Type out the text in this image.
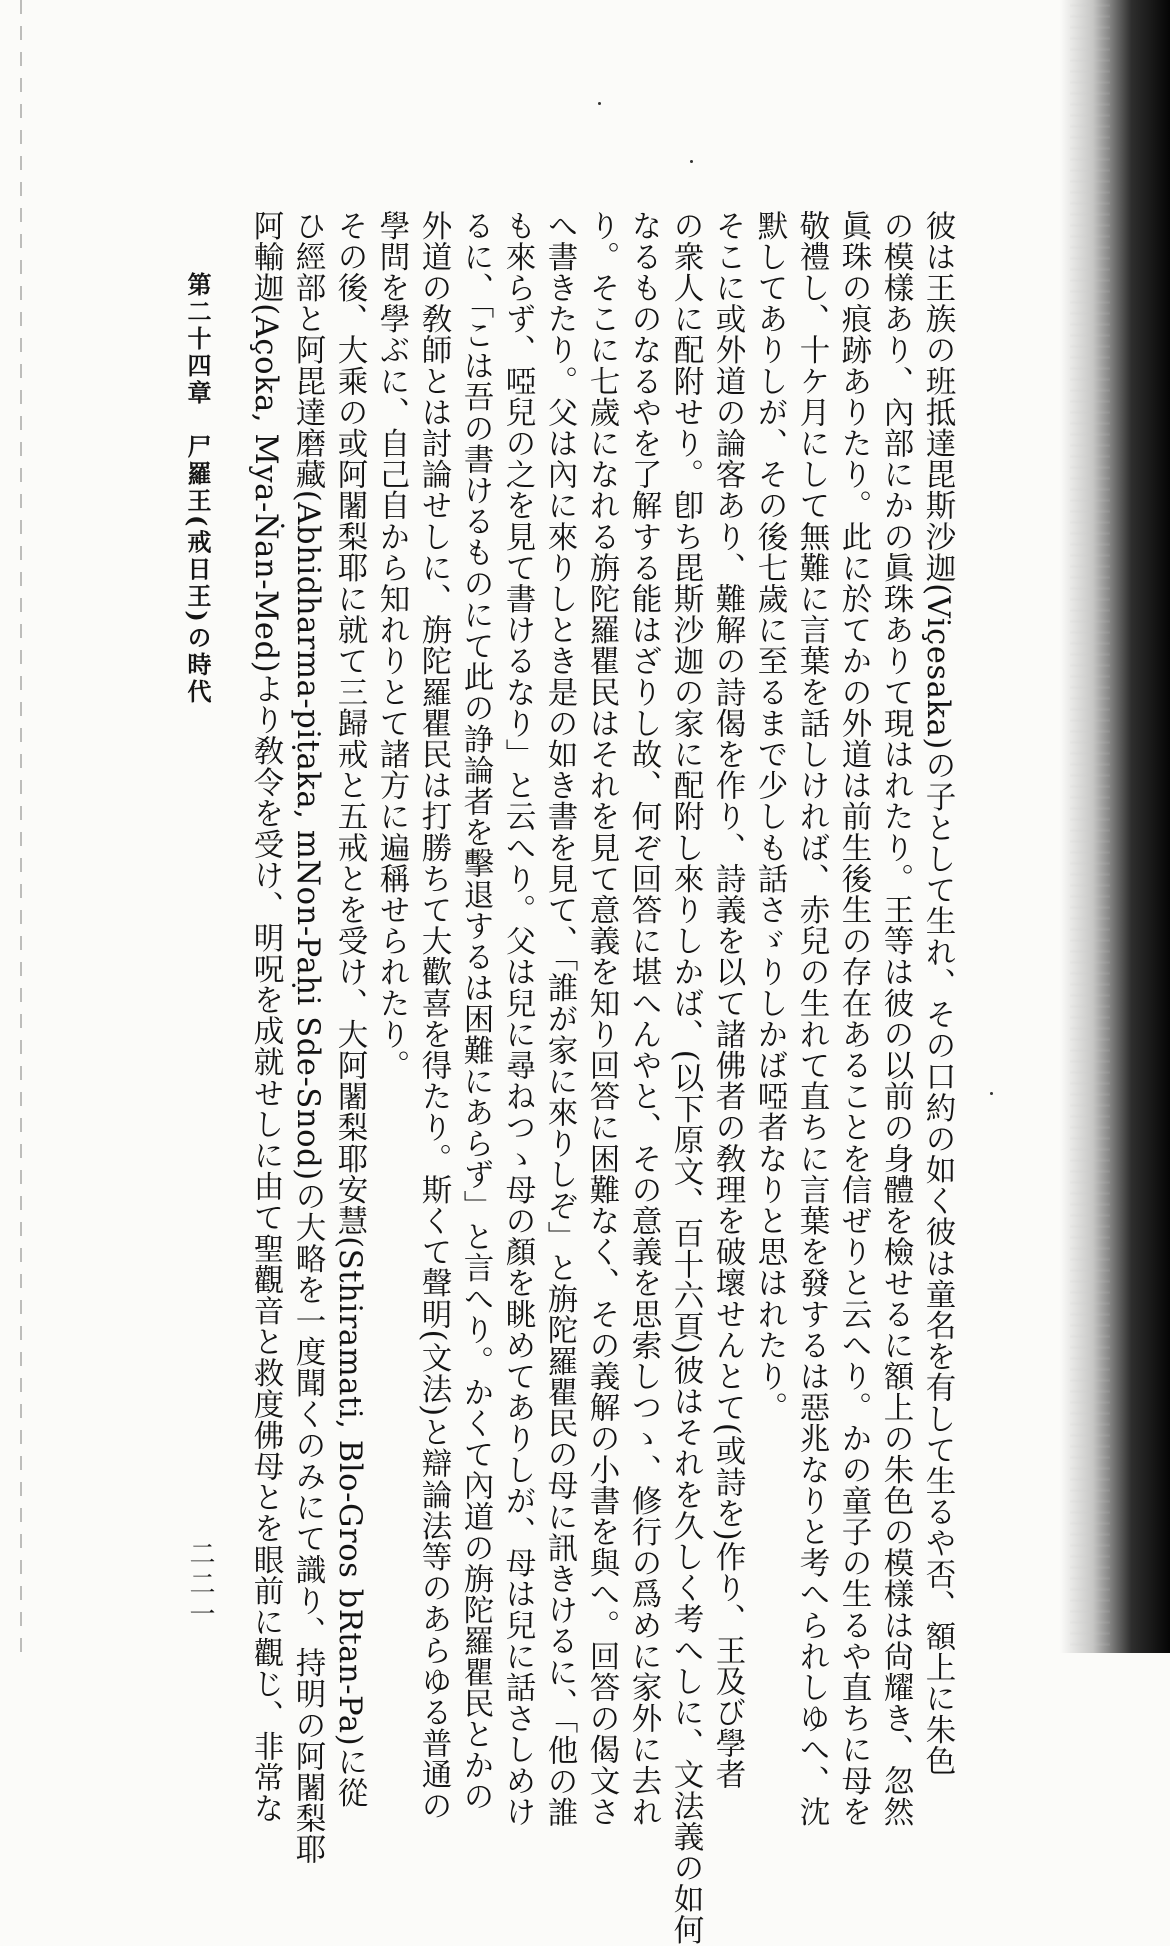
彼は王族の班抵達毘斯沙迦(Viçesaka)の子として生れ、その口約の如く彼は童名を有して生るや否、額上に朱色

の模樣あり、內部にかの眞珠ありて現はれたり。王等は彼の以前の身體を檢せるに額上の朱色の模樣は尙耀き、忽然

眞珠の痕跡ありたり。此に於てかの外道は前生後生の存在あることを信ぜりと云へり。かの童子の生るや直ちに母を

敬禮し、十ケ月にして無難に言葉を話しければ、赤兒の生れて直ちに言葉を發するは惡兆なりと考へられしゆへ、沈

默してありしが、その後七歲に至るまで少しも話さゞりしかば啞者なりと思はれたり。

そこに或外道の論客あり、難解の詩偈を作り、詩義を以て諸佛者の敎理を破壞せんとて(或詩を)作り、王及び學者

の衆人に配附せり。卽ち毘斯沙迦の家に配附し來りしかば、(以下原文、百十六頁)彼はそれを久しく考へしに、文法義の如何

なるものなるやを了解する能はざりし故、何ぞ回答に堪へんやと、その意義を思索しつゝ、修行の爲めに家外に去れ

り。そこに七歲になれる旃陀羅瞿民はそれを見て意義を知り回答に困難なく、その義解の小書を與へ。回答の偈文さ

へ書きたり。父は內に來りしとき是の如き書を見て、「誰が家に來りしぞ」と旃陀羅瞿民の母に訊きけるに、「他の誰

も來らず、啞兒の之を見て書けるなり」と云へり。父は兒に尋ねつゝ母の顏を眺めてありしが、母は兒に話さしめけ

るに、「こは吾の書けるものにて此の諍論者を擊退するは困難にあらず」と言へり。かくて內道の旃陀羅瞿民とかの

外道の敎師とは討論せしに、旃陀羅瞿民は打勝ちて大歡喜を得たり。斯くて聲明(文法)と辯論法等のあらゆる普通の

學問を學ぶに、自己自から知れりとて諸方に遍稱せられたり。

その後、大乘の或阿闍梨耶に就て三歸戒と五戒とを受け、大阿闍梨耶安慧(Sthiramati, Blo-Gros bRtan-Pa)に從

ひ經部と阿毘達磨藏(Abhidharma-piṭaka, mNon-Paḥi Sde-Snod)の大略を一度聞くのみにて識り、持明の阿闍梨耶

阿輸迦(Açoka, Mya-Ṅan-Med)より敎令を受け、明呪を成就せしに由て聖觀音と救度佛母とを眼前に觀じ、非常な

第二十四章　尸羅王(戒日王)の時代
二二一
